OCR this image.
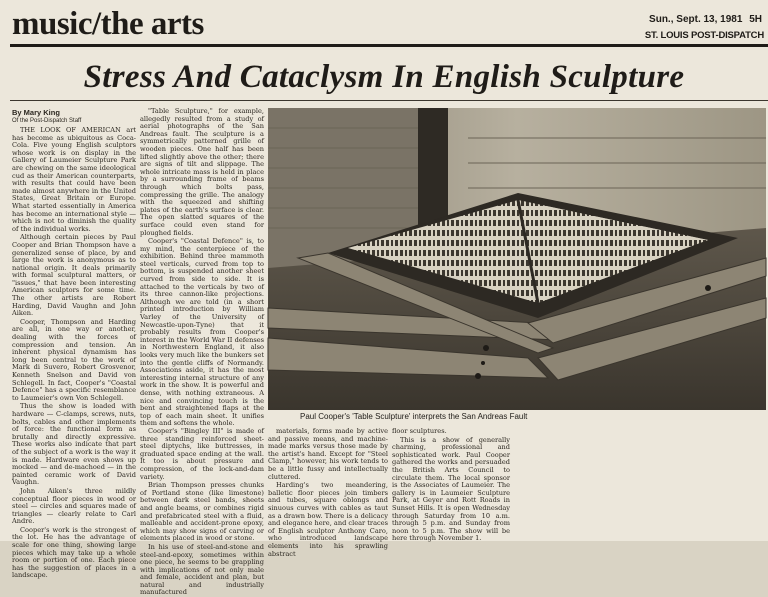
music/the arts	Sun., Sept. 13, 1981 5H
ST. LOUIS POST-DISPATCH
Stress And Cataclysm In English Sculpture
By Mary King
Of the Post-Dispatch Staff

THE LOOK OF AMERICAN art has become as ubiquitous as Coca-Cola. Five young English sculptors whose work is on display in the Gallery of Laumeier Sculpture Park are chewing on the same ideological cud as their American counterparts, with results that could have been made almost anywhere in the United States, Great Britain or Europe. What started essentially in America has become an international style — which is not to diminish the quality of the individual works.

Although certain pieces by Paul Cooper and Brian Thompson have a generalized sense of place, by and large the work is anonymous as to national origin. It deals primarily with formal sculptural matters, or "issues," that have been interesting American sculptors for some time. The other artists are Robert Harding, David Vaughn and John Aiken.

Cooper, Thompson and Harding are all, in one way or another, dealing with the forces of compression and tension. An inherent physical dynamism has long been central to the work of Mark di Suvero, Robert Grosvenor, Kenneth Snelson and David von Schlegell. In fact, Cooper's "Coastal Defence" has a specific resemblance to Laumeier's own Von Schlegell.

Thus the show is loaded with hardware — C-clamps, screws, nuts, bolts, cables and other implements of force: the functional form as brutally and directly expressive. These works also indicate that part of the subject of a work is the way it is made. Hardware even shows up mocked — and de-machoed — in the painted ceramic work of David Vaughn.

John Aiken's three mildly conceptual floor pieces in wood or steel — circles and squares made of triangles — clearly relate to Carl Andre.

Cooper's work is the strongest of the lot. He has the advantage of scale for one thing, showing large pieces which may take up a whole room or portion of one. Each piece has the suggestion of places in a landscape.

"Table Sculpture," for example, allegedly resulted from a study of aerial photographs of the San Andreas fault. The sculpture is a symmetrically patterned grille of wooden pieces. One half has been lifted slightly above the other; there are signs of tilt and slippage. The whole intricate mass is held in place by a surrounding frame of beams through which bolts pass, compressing the grille. The analogy with the squeezed and shifting plates of the earth's surface is clear. The open slatted squares of the surface could even stand for ploughed fields.

Cooper's "Coastal Defence" is, to my mind, the centerpiece of the exhibition. Behind three mammoth steel verticals, curved from top to bottom, is suspended another sheet curved from side to side. It is attached to the verticals by two of its three cannon-like projections. Although we are told (in a short printed introduction by William Varley of the University of Newcastle-upon-Tyne) that it probably results from Cooper's interest in the World War II defenses in Northwestern England, it also looks very much like the bunkers set into the gentle cliffs of Normandy. Associations aside, it has the most interesting internal structure of any work in the show. It is powerful and dense, with nothing extraneous. A nice and convincing touch is the bent and straightened flaps at the top of each main sheet. It unifies them and softens the whole.

Cooper's "Bingley III" is made of three standing reinforced sheet-steel diptychs, like buttresses, in graduated space ending at the wall. It too is about pressure and compression, of the lock-and-dam variety.

Brian Thompson presses chunks of Portland stone (like limestone) between dark steel bands, sheets and angle beams, or combines rigid and prefabricated steel with a fluid, malleable and accident-prone epoxy, which may show signs of carving or elements placed in wood or stone.

In his use of steel-and-stone and steel-and-epoxy, sometimes within one piece, he seems to be grappling with implications of not only male and female, accident and plan, but natural and industrially manufactured

Paul Cooper's 'Table Sculpture' interprets the San Andreas Fault

materials, forms made by active and passive means, and machine-made marks versus those made by the artist's hand. Except for "Steel Clamp," however, his work tends to be a little fussy and intellectually cluttered.

Harding's two meandering, balletic floor pieces join timbers and tubes, square oblongs and sinuous curves with cables as taut as a drawn bow. There is a delicacy and elegance here, and clear traces of English sculptor Anthony Caro, who introduced landscape elements into his sprawling abstract

floor sculptures.

This is a show of generally charming, professional and sophisticated work. Paul Cooper gathered the works and persuaded the British Arts Council to circulate them. The local sponsor is the Associates of Laumeier. The gallery is in Laumeier Sculpture Park, at Geyer and Rott Roads in Sunset Hills. It is open Wednesday through Saturday from 10 a.m. through 5 p.m. and Sunday from noon to 5 p.m. The show will be here through November 1.
